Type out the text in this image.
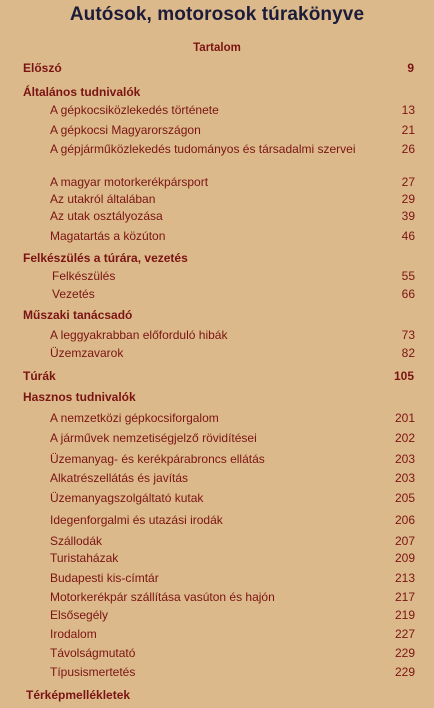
Autósok, motorosok túrakönyve
Tartalom
Előszó	9
Általános tudnivalók
A gépkocsiközlekedés története	13
A gépkocsi Magyarországon	21
A gépjárműközlekedés tudományos és társadalmi szervei	26
A magyar motorkerékpársport	27
Az utakról általában	29
Az utak osztályozása	39
Magatartás a közúton	46
Felkészülés a túrára, vezetés
Felkészülés	55
Vezetés	66
Műszaki tanácsadó
A leggyakrabban előforduló hibák	73
Üzemzavarok	82
Túrák	105
Hasznos tudnivalók
A nemzetközi gépkocsiforgalom	201
A járművek nemzetiségjelző rövidítései	202
Üzemanyag- és kerékpárabroncs ellátás	203
Alkatrészellátás és javítás	203
Üzemanyagszolgáltató kutak	205
Idegenforgalmi és utazási irodák	206
Szállodák	207
Turistaházak	209
Budapesti kis-címtár	213
Motorkerékpár szállítása vasúton és hajón	217
Elsősegély	219
Irodalom	227
Távolságmutató	229
Típusismertetés	229
Térképmellékletek
